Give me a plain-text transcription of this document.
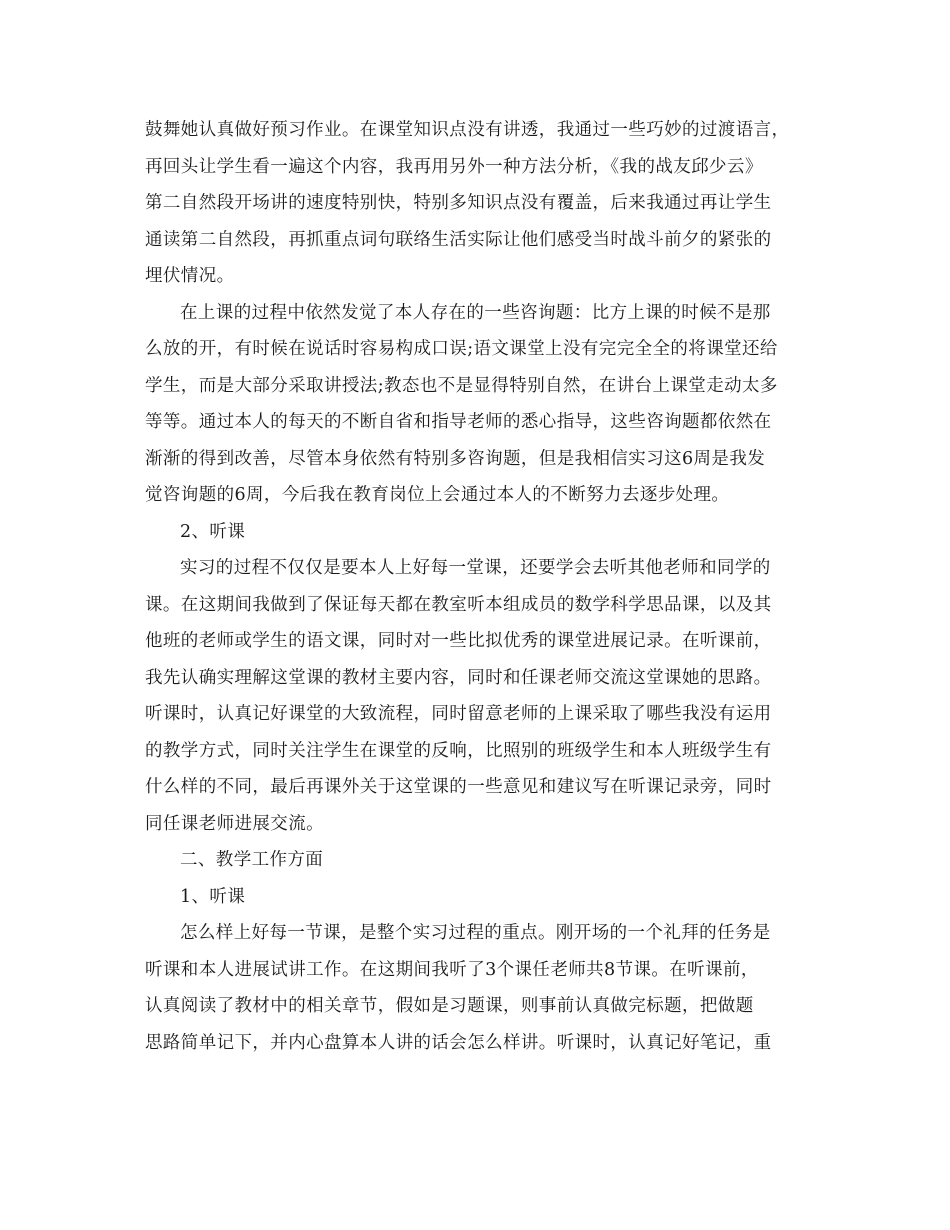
鼓舞她认真做好预习作业。在课堂知识点没有讲透，我通过一些巧妙的过渡语言，
再回头让学生看一遍这个内容，我再用另外一种方法分析，《我的战友邱少云》
第二自然段开场讲的速度特别快，特别多知识点没有覆盖，后来我通过再让学生
通读第二自然段，再抓重点词句联络生活实际让他们感受当时战斗前夕的紧张的
埋伏情况。
在上课的过程中依然发觉了本人存在的一些咨询题：比方上课的时候不是那
么放的开，有时候在说话时容易构成口误;语文课堂上没有完完全全的将课堂还给
学生，而是大部分采取讲授法;教态也不是显得特别自然，在讲台上课堂走动太多
等等。通过本人的每天的不断自省和指导老师的悉心指导，这些咨询题都依然在
渐渐的得到改善，尽管本身依然有特别多咨询题，但是我相信实习这6周是我发
觉咨询题的6周，今后我在教育岗位上会通过本人的不断努力去逐步处理。
2、听课
实习的过程不仅仅是要本人上好每一堂课，还要学会去听其他老师和同学的
课。在这期间我做到了保证每天都在教室听本组成员的数学科学思品课，以及其
他班的老师或学生的语文课，同时对一些比拟优秀的课堂进展记录。在听课前，
我先认确实理解这堂课的教材主要内容，同时和任课老师交流这堂课她的思路。
听课时，认真记好课堂的大致流程，同时留意老师的上课采取了哪些我没有运用
的教学方式，同时关注学生在课堂的反响，比照别的班级学生和本人班级学生有
什么样的不同，最后再课外关于这堂课的一些意见和建议写在听课记录旁，同时
同任课老师进展交流。
二、教学工作方面
1、听课
怎么样上好每一节课，是整个实习过程的重点。刚开场的一个礼拜的任务是
听课和本人进展试讲工作。在这期间我听了3个课任老师共8节课。在听课前，
认真阅读了教材中的相关章节，假如是习题课，则事前认真做完标题，把做题
思路简单记下，并内心盘算本人讲的话会怎么样讲。听课时，认真记好笔记，重
